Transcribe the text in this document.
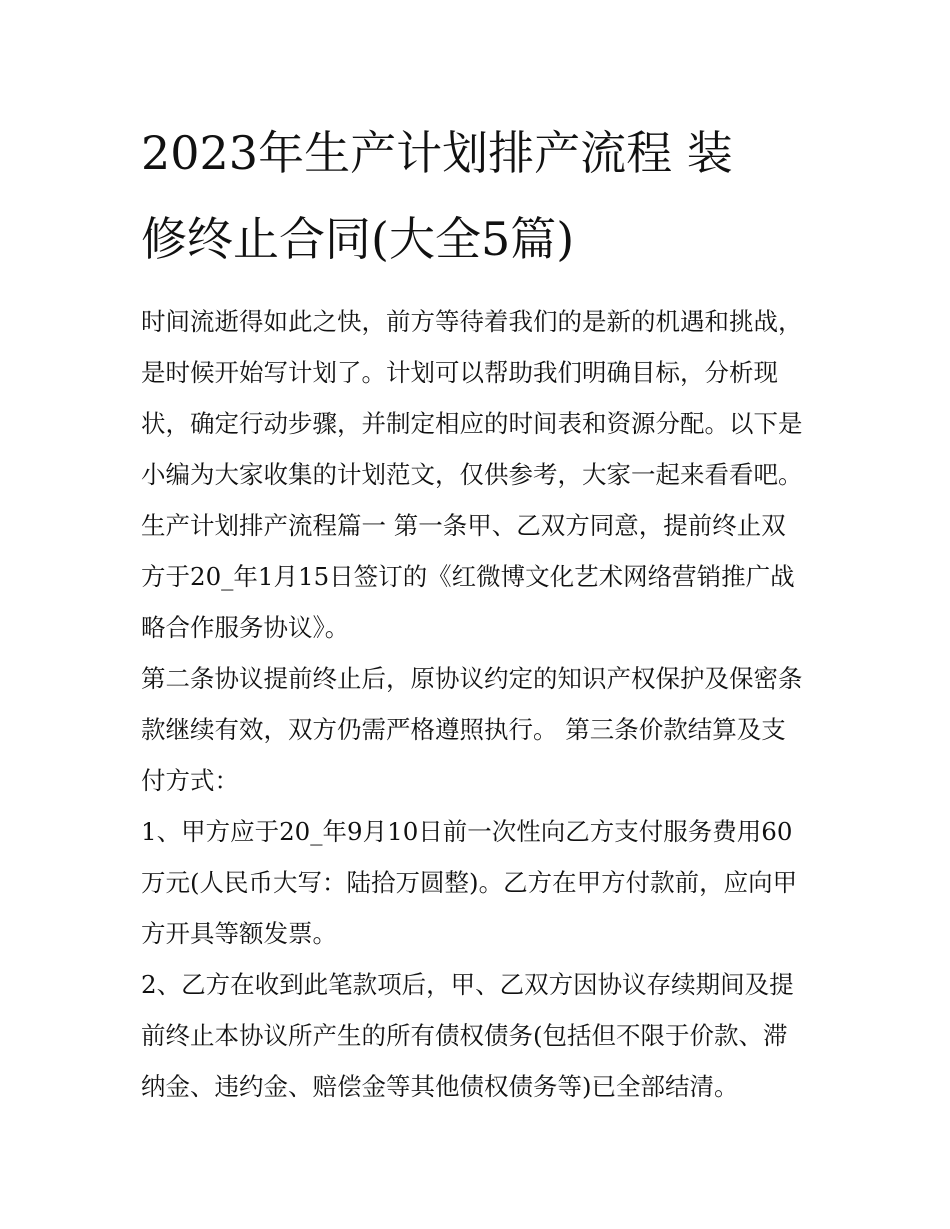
2023年生产计划排产流程 装
修终止合同(大全5篇)

时间流逝得如此之快，前方等待着我们的是新的机遇和挑战，
是时候开始写计划了。计划可以帮助我们明确目标，分析现
状，确定行动步骤，并制定相应的时间表和资源分配。以下是
小编为大家收集的计划范文，仅供参考，大家一起来看看吧。
生产计划排产流程篇一 第一条甲、乙双方同意，提前终止双
方于20_年1月15日签订的《红微博文化艺术网络营销推广战
略合作服务协议》。

第二条协议提前终止后，原协议约定的知识产权保护及保密条
款继续有效，双方仍需严格遵照执行。 第三条价款结算及支
付方式：

1、甲方应于20_年9月10日前一次性向乙方支付服务费用60
万元(人民币大写：陆拾万圆整)。乙方在甲方付款前，应向甲
方开具等额发票。

2、乙方在收到此笔款项后，甲、乙双方因协议存续期间及提
前终止本协议所产生的所有债权债务(包括但不限于价款、滞
纳金、违约金、赔偿金等其他债权债务等)已全部结清。
